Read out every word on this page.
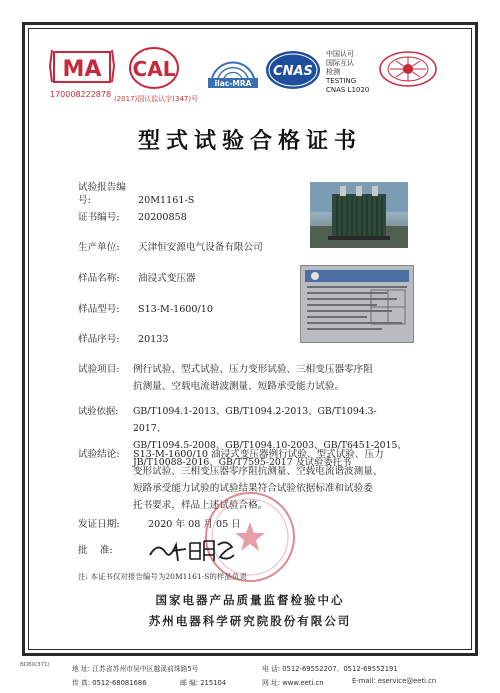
MA
170008222878
CAL
(2017)国认监认字(347)号
ilac-MRA
CNAS
中国认可
国际互认
检测
TESTING
CNAS L1020
型式试验合格证书
试验报告编号:	20M1161-S
证书编号: 20200858
生产单位: 天津恒安源电气设备有限公司
样品名称: 油浸式变压器
样品型号: S13-M-1600/10
样品序号: 20133
试验项目:	例行试验、型式试验、压力变形试验、三相变压器零序阻
抗测量、空载电流谐波测量、短路承受能力试验。
试验依据:	GB/T1094.1-2013、GB/T1094.2-2013、GB/T1094.3-2017、
GB/T1094.5-2008、GB/T1094.10-2003、GB/T6451-2015、
JB/T10088-2016、GB/T7595-2017 及试验委托书
试验结论:	S13-M-1600/10 油浸式变压器例行试验、型式试验、压力
变形试验、三相变压器零序阻抗测量、空载电流谐波测量、
短路承受能力试验的试验结果符合试验依据标准和试验委
托书要求，样品上述试验合格。
发证日期:	2020 年 08 月 05 日
批    准:
注: 本证书仅对报告编号为20M1161-S的样品负责
国家电器产品质量监督检验中心
苏州电器科学研究院股份有限公司
地 址: 江苏省苏州市吴中区越溪前珠路5号	电 话: 0512-69552207、0512-69552191
传 真: 0512-68081686	邮 编: 215104	网 址: www.eeti.cn	E-mail: eservice@eeti.cn
BD80(371)
